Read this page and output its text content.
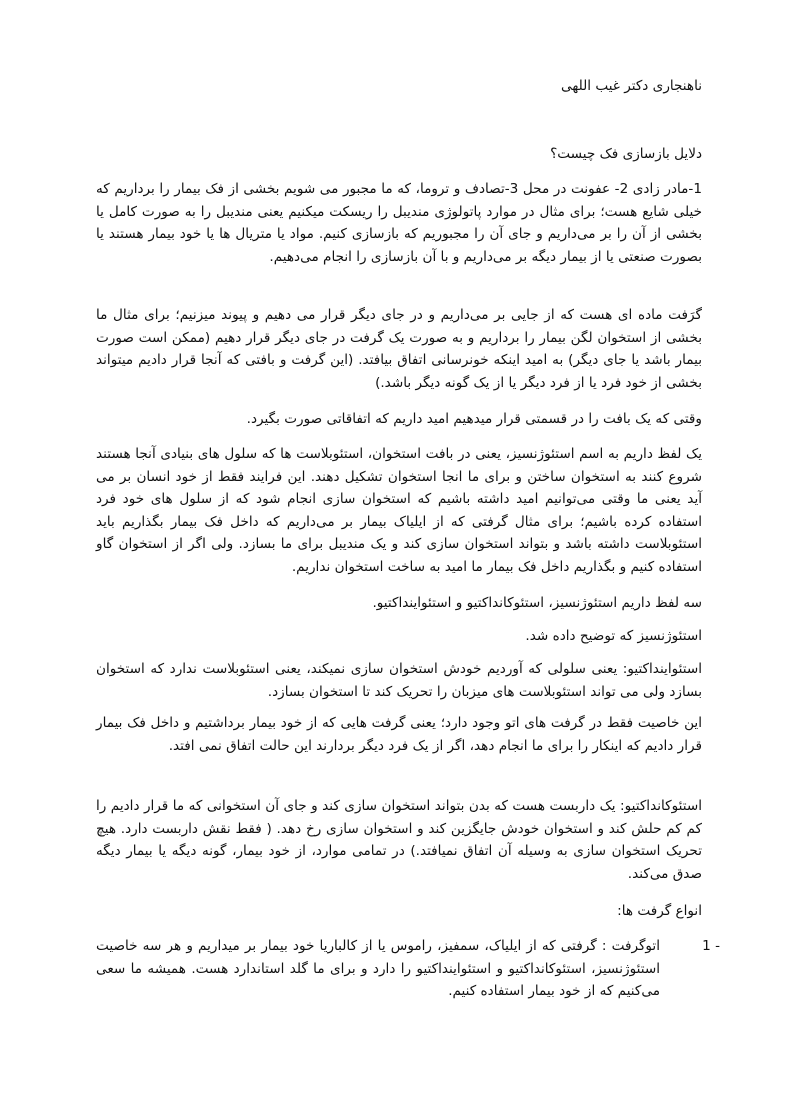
ناهنجاری دکتر غیب اللهی
دلایل بازسازی فک چیست؟

1-مادر زادی 2- عفونت در محل 3-تصادف و تروما، که ما مجبور می شویم بخشی از فک بیمار را برداریم که خیلی شایع هست؛ برای مثال در موارد پاتولوژی مندیبل را ریسکت میکنیم یعنی مندیبل را به صورت کامل یا بخشی از آن را بر می‌داریم و جای آن را مجبوریم که بازسازی کنیم. مواد یا متریال ها یا خود بیمار هستند یا بصورت صنعتی یا از بیمار دیگه بر می‌داریم و با آن بازسازی را انجام می‌دهیم.

گرَفت ماده ای هست که از جایی بر می‌داریم و در جای دیگر قرار می دهیم و پیوند میزنیم؛ برای مثال ما بخشی از استخوان لگن بیمار را برداریم و به صورت یک گرفت در جای دیگر قرار دهیم (ممکن است صورت بیمار باشد یا جای دیگر) به امید اینکه خونرسانی اتفاق بیافتد. (این گرفت و بافتی که آنجا قرار دادیم میتواند بخشی از خود فرد یا از فرد دیگر یا از یک گونه دیگر باشد.)

وقتی که یک بافت را در قسمتی قرار میدهیم امید داریم که اتفاقاتی صورت بگیرد.

یک لفظ داریم به اسم استئوژنسیز، یعنی در بافت استخوان، استئوبلاست ها که سلول های بنیادی آنجا هستند شروع کنند به استخوان ساختن و برای ما انجا استخوان تشکیل دهند. این فرایند فقط از خود انسان بر می آید یعنی ما وقتی می‌توانیم امید داشته باشیم که استخوان سازی انجام شود که از سلول های خود فرد استفاده کرده باشیم؛ برای مثال گرفتی که از ایلیاک بیمار بر می‌داریم که داخل فک بیمار بگذاریم باید استئوبلاست داشته باشد و بتواند استخوان سازی کند و یک مندیبل برای ما بسازد. ولی اگر از استخوان گاو استفاده کنیم و بگذاریم داخل فک بیمار ما امید به ساخت استخوان نداریم.

سه لفظ داریم استئوژنسیز، استئوکانداکتیو و استئواینداکتیو.

استئوژنسیز که توضیح داده شد.

استئواینداکتیو: یعنی سلولی که آوردیم خودش استخوان سازی نمیکند، یعنی استئوبلاست ندارد که استخوان بسازد ولی می تواند استئوبلاست های میزبان را تحریک کند تا استخوان بسازد.

این خاصیت فقط در گرفت های اتو وجود دارد؛ یعنی گرفت هایی که از خود بیمار برداشتیم و داخل فک بیمار قرار دادیم که اینکار را برای ما انجام دهد، اگر از یک فرد دیگر بردارند این حالت اتفاق نمی افتد.

استئوکانداکتیو: یک داربست هست که بدن بتواند استخوان سازی کند و جای آن استخوانی که ما قرار دادیم را کم کم حلش کند و استخوان خودش جایگزین کند و استخوان سازی رخ دهد. ( فقط نقش داربست دارد. هیچ تحریک استخوان سازی به وسیله آن اتفاق نمیافتد.) در تمامی موارد، از خود بیمار، گونه دیگه یا بیمار دیگه صدق می‌کند.

انواع گرفت ها:

1 -
اتوگرفت : گرفتی که از ایلیاک، سمفیز، راموس یا از کالباریا خود بیمار بر میداریم و هر سه خاصیت استئوژنسیز، استئوکانداکتیو و استئواینداکتیو را دارد و برای ما گلد استاندارد هست. همیشه ما سعی می‌کنیم که از خود بیمار استفاده کنیم.
